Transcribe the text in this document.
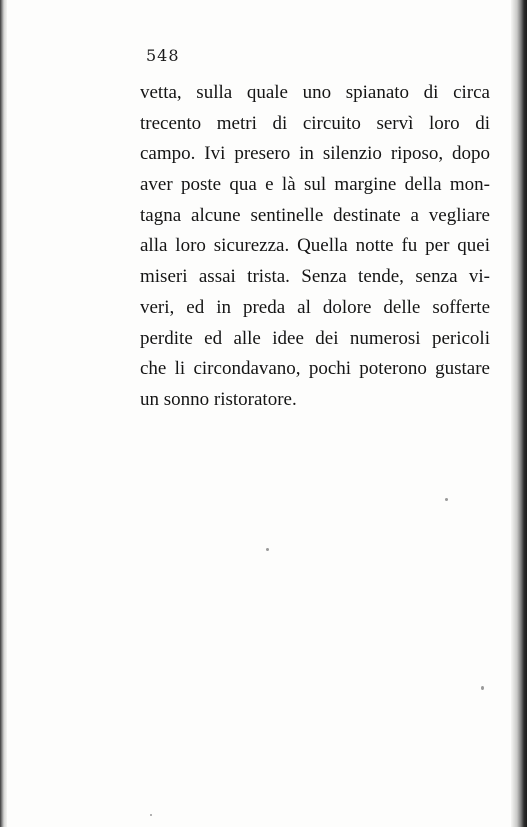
548
vetta, sulla quale uno spianato di circa
trecento metri di circuito servì loro di
campo. Ivi presero in silenzio riposo, dopo
aver poste qua e là sul margine della mon-
tagna alcune sentinelle destinate a vegliare
alla loro sicurezza. Quella notte fu per quei
miseri assai trista. Senza tende, senza vi-
veri, ed in preda al dolore delle sofferte
perdite ed alle idee dei numerosi pericoli
che li circondavano, pochi poterono gustare
un sonno ristoratore.
